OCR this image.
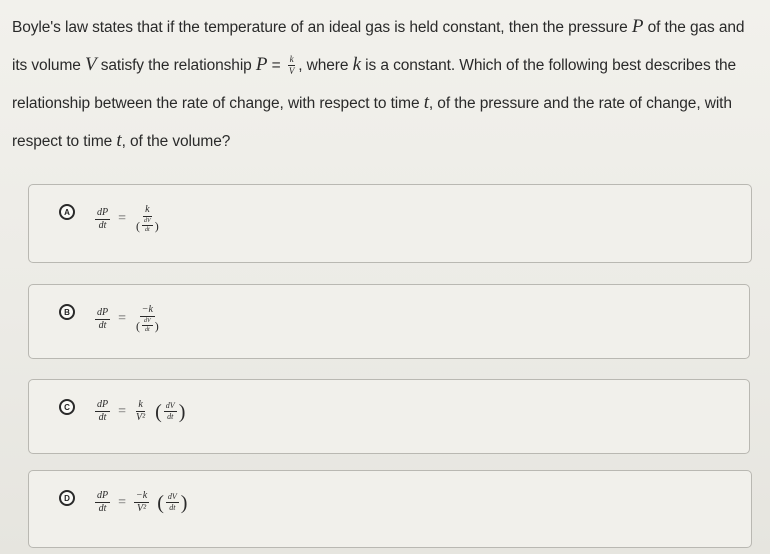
Boyle's law states that if the temperature of an ideal gas is held constant, then the pressure P of the gas and its volume V satisfy the relationship $P = \frac{k}{V}$ , where k is a constant. Which of the following best describes the relationship between the rate of change, with respect to time t, of the pressure and the rate of change, with respect to time t, of the volume?
A	$\frac{dP}{dt}$ =
k
( $\frac{dV}{dt}$ )
B	$\frac{dP}{dt}$ =
−k
( $\frac{dV}{dt}$ )
C	$\frac{dP}{dt} = \frac{k}{\text{V²}}$ ( $\frac{dV}{dt}$ )
D	$\frac{dP}{dt} = \frac{-k}{\text{V²}}$ ( $\frac{dV}{dt}$ )
